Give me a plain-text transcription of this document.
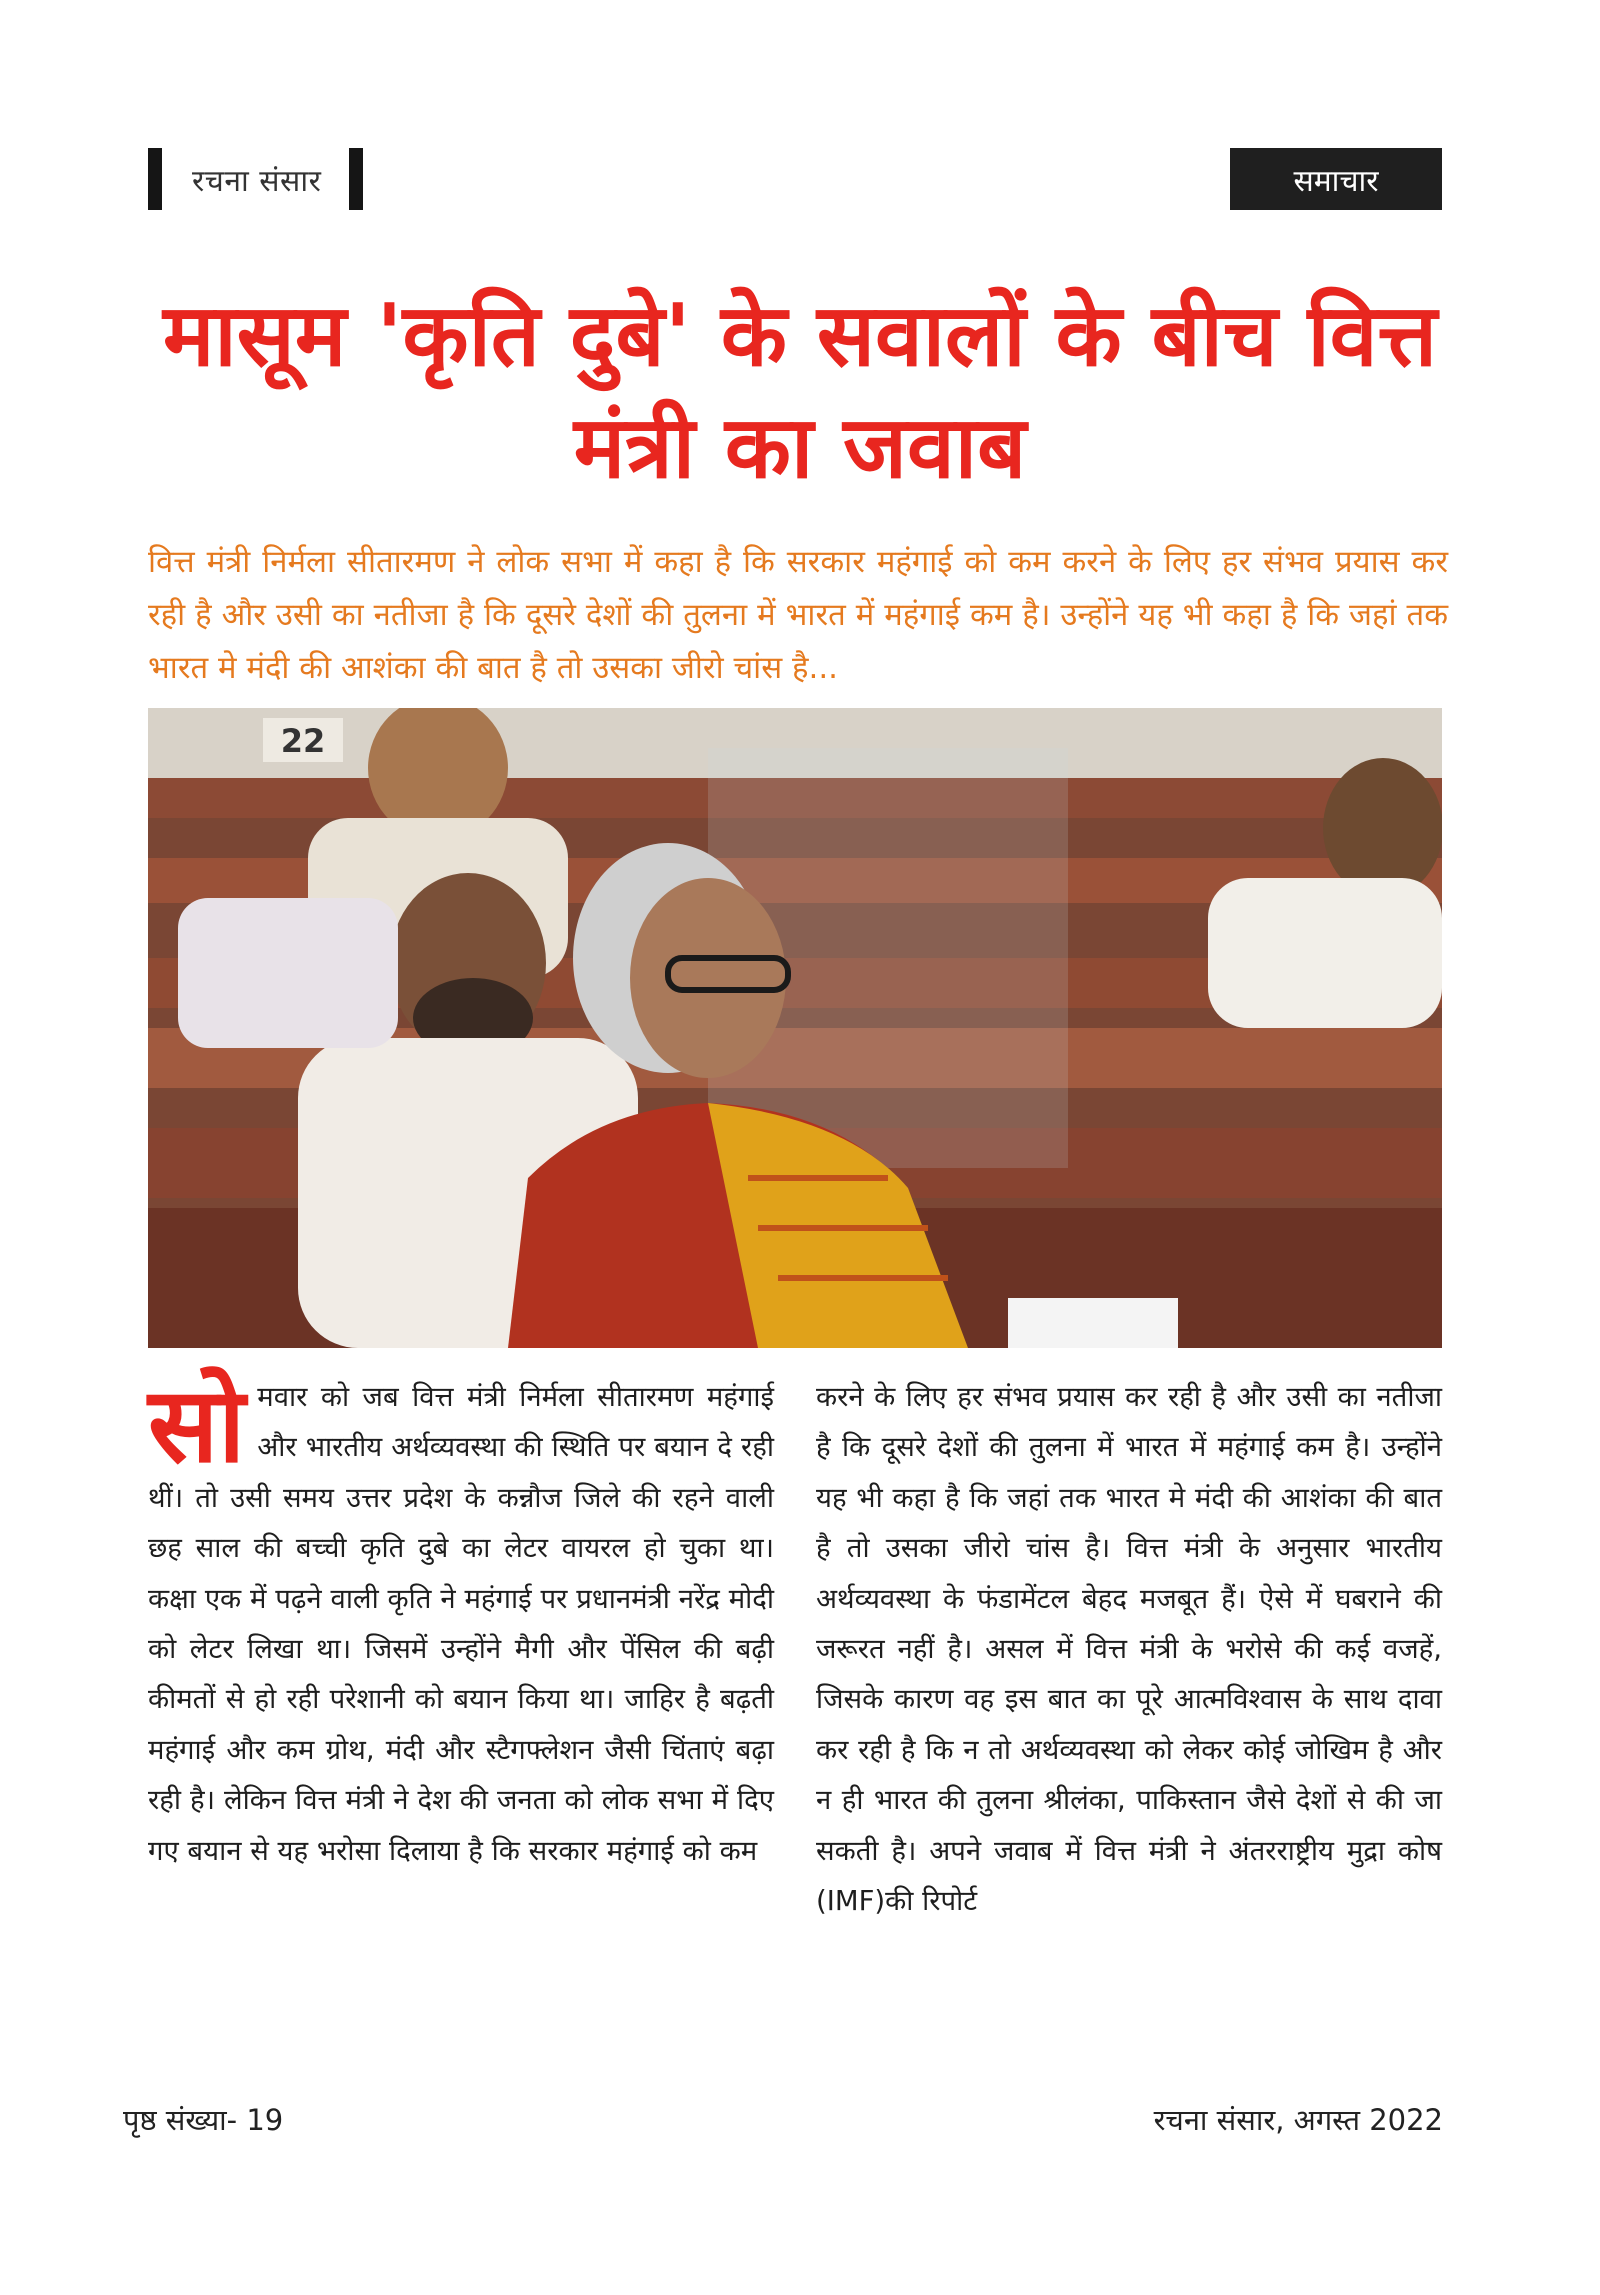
रचना संसार	समाचार
मासूम 'कृति दुबे' के सवालों के बीच वित्त मंत्री का जवाब

वित्त मंत्री निर्मला सीतारमण ने लोक सभा में कहा है कि सरकार महंगाई को कम करने के लिए हर संभव प्रयास कर रही है और उसी का नतीजा है कि दूसरे देशों की तुलना में भारत में महंगाई कम है। उन्होंने यह भी कहा है कि जहां तक भारत मे मंदी की आशंका की बात है तो उसका जीरो चांस है...

22

सोमवार को जब वित्त मंत्री निर्मला सीतारमण महंगाई और भारतीय अर्थव्यवस्था की स्थिति पर बयान दे रही थीं। तो उसी समय उत्तर प्रदेश के कन्नौज जिले की रहने वाली छह साल की बच्ची कृति दुबे का लेटर वायरल हो चुका था। कक्षा एक में पढ़ने वाली कृति ने महंगाई पर प्रधानमंत्री नरेंद्र मोदी को लेटर लिखा था। जिसमें उन्होंने मैगी और पेंसिल की बढ़ी कीमतों से हो रही परेशानी को बयान किया था। जाहिर है बढ़ती महंगाई और कम ग्रोथ, मंदी और स्टैगफ्लेशन जैसी चिंताएं बढ़ा रही है। लेकिन वित्त मंत्री ने देश की जनता को लोक सभा में दिए गए बयान से यह भरोसा दिलाया है कि सरकार महंगाई को कम

करने के लिए हर संभव प्रयास कर रही है और उसी का नतीजा है कि दूसरे देशों की तुलना में भारत में महंगाई कम है। उन्होंने यह भी कहा है कि जहां तक भारत मे मंदी की आशंका की बात है तो उसका जीरो चांस है। वित्त मंत्री के अनुसार भारतीय अर्थव्यवस्था के फंडामेंटल बेहद मजबूत हैं। ऐसे में घबराने की जरूरत नहीं है। असल में वित्त मंत्री के भरोसे की कई वजहें, जिसके कारण वह इस बात का पूरे आत्मविश्वास के साथ दावा कर रही है कि न तो अर्थव्यवस्था को लेकर कोई जोखिम है और न ही भारत की तुलना श्रीलंका, पाकिस्तान जैसे देशों से की जा सकती है। अपने जवाब में वित्त मंत्री ने अंतरराष्ट्रीय मुद्रा कोष (IMF)की रिपोर्ट

पृष्ठ संख्या- 19	रचना संसार, अगस्त 2022
